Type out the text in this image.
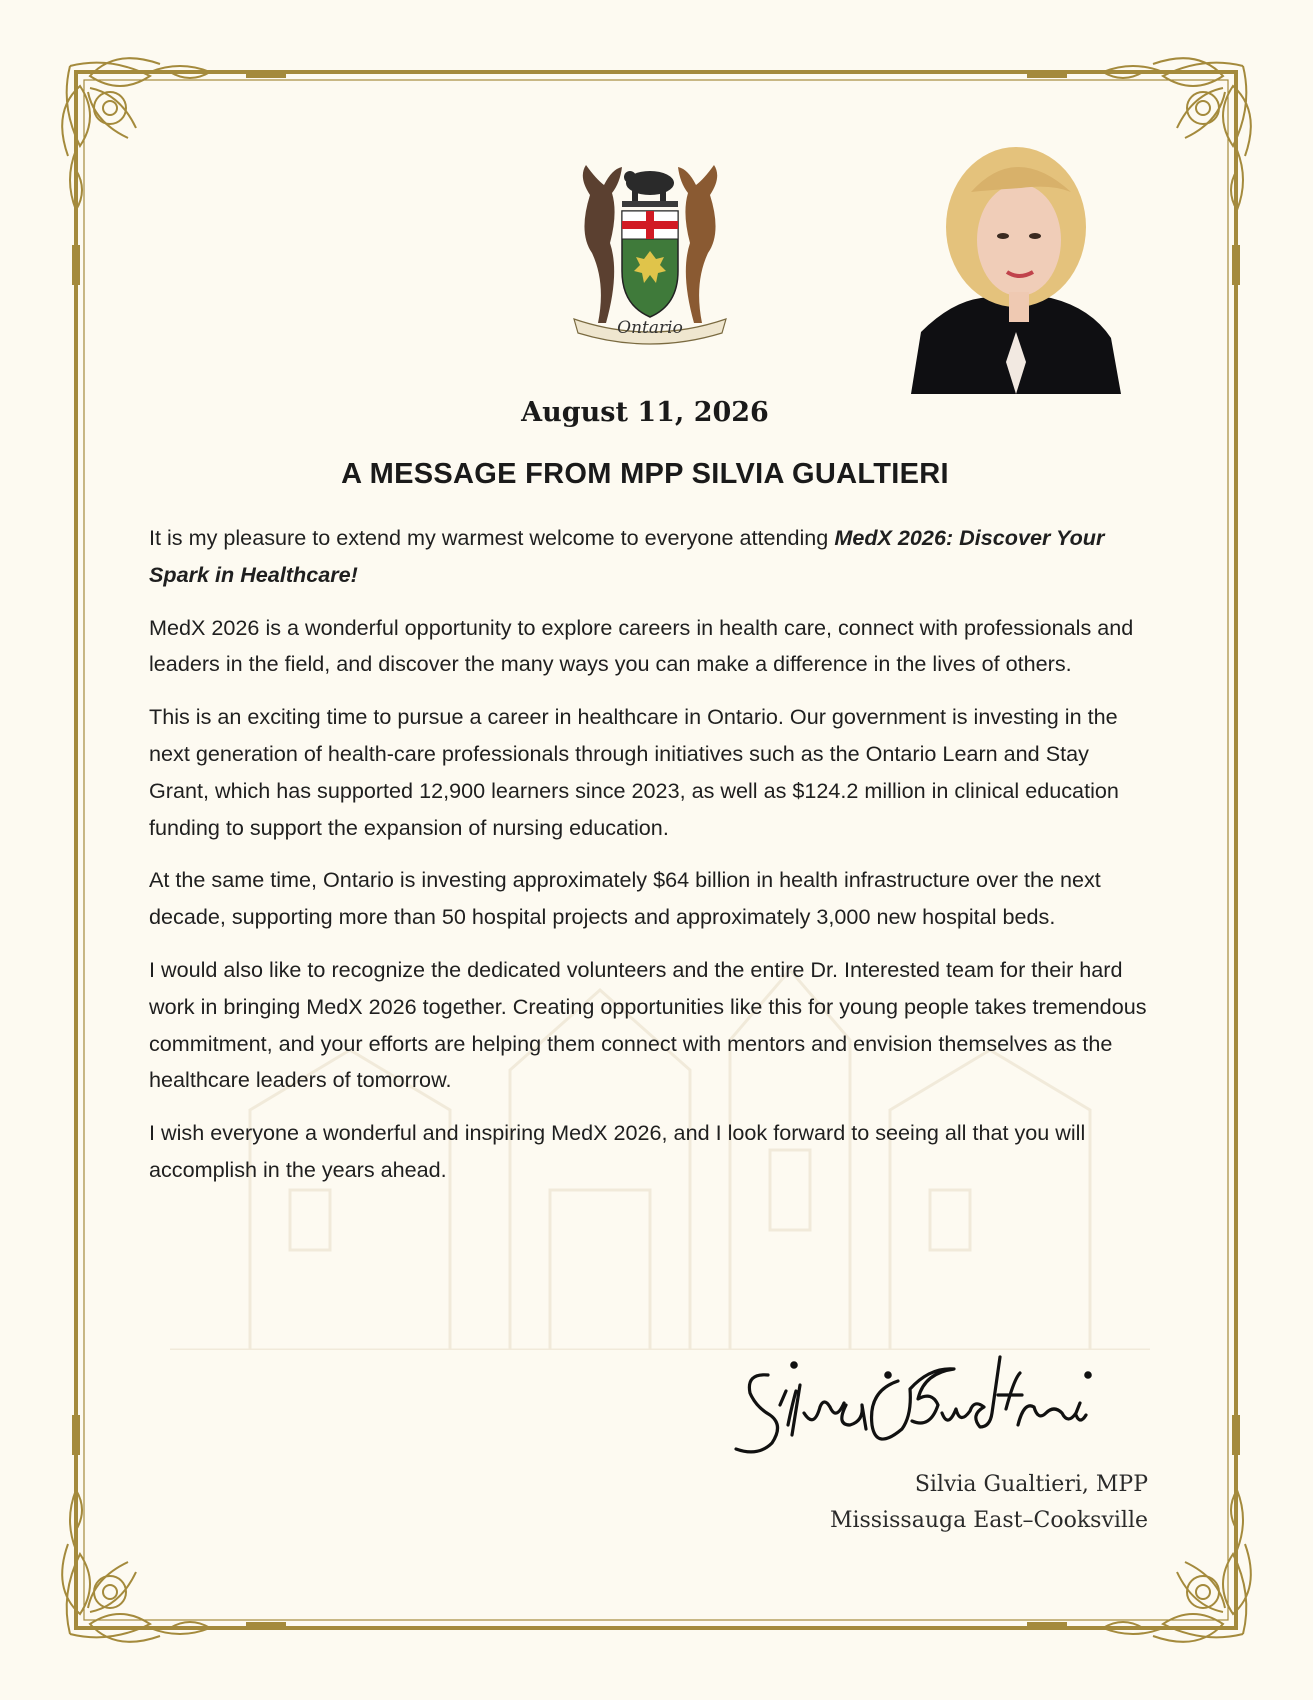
Ontario
August 11, 2026
A MESSAGE FROM MPP SILVIA GUALTIERI

It is my pleasure to extend my warmest welcome to everyone attending MedX 2026: Discover Your Spark in Healthcare!

MedX 2026 is a wonderful opportunity to explore careers in health care, connect with professionals and leaders in the field, and discover the many ways you can make a difference in the lives of others.

This is an exciting time to pursue a career in healthcare in Ontario. Our government is investing in the next generation of health-care professionals through initiatives such as the Ontario Learn and Stay Grant, which has supported 12,900 learners since 2023, as well as $124.2 million in clinical education funding to support the expansion of nursing education.

At the same time, Ontario is investing approximately $64 billion in health infrastructure over the next decade, supporting more than 50 hospital projects and approximately 3,000 new hospital beds.

I would also like to recognize the dedicated volunteers and the entire Dr. Interested team for their hard work in bringing MedX 2026 together. Creating opportunities like this for young people takes tremendous commitment, and your efforts are helping them connect with mentors and envision themselves as the healthcare leaders of tomorrow.

I wish everyone a wonderful and inspiring MedX 2026, and I look forward to seeing all that you will accomplish in the years ahead.

Silvia Gualtieri, MPP
Mississauga East–Cooksville
